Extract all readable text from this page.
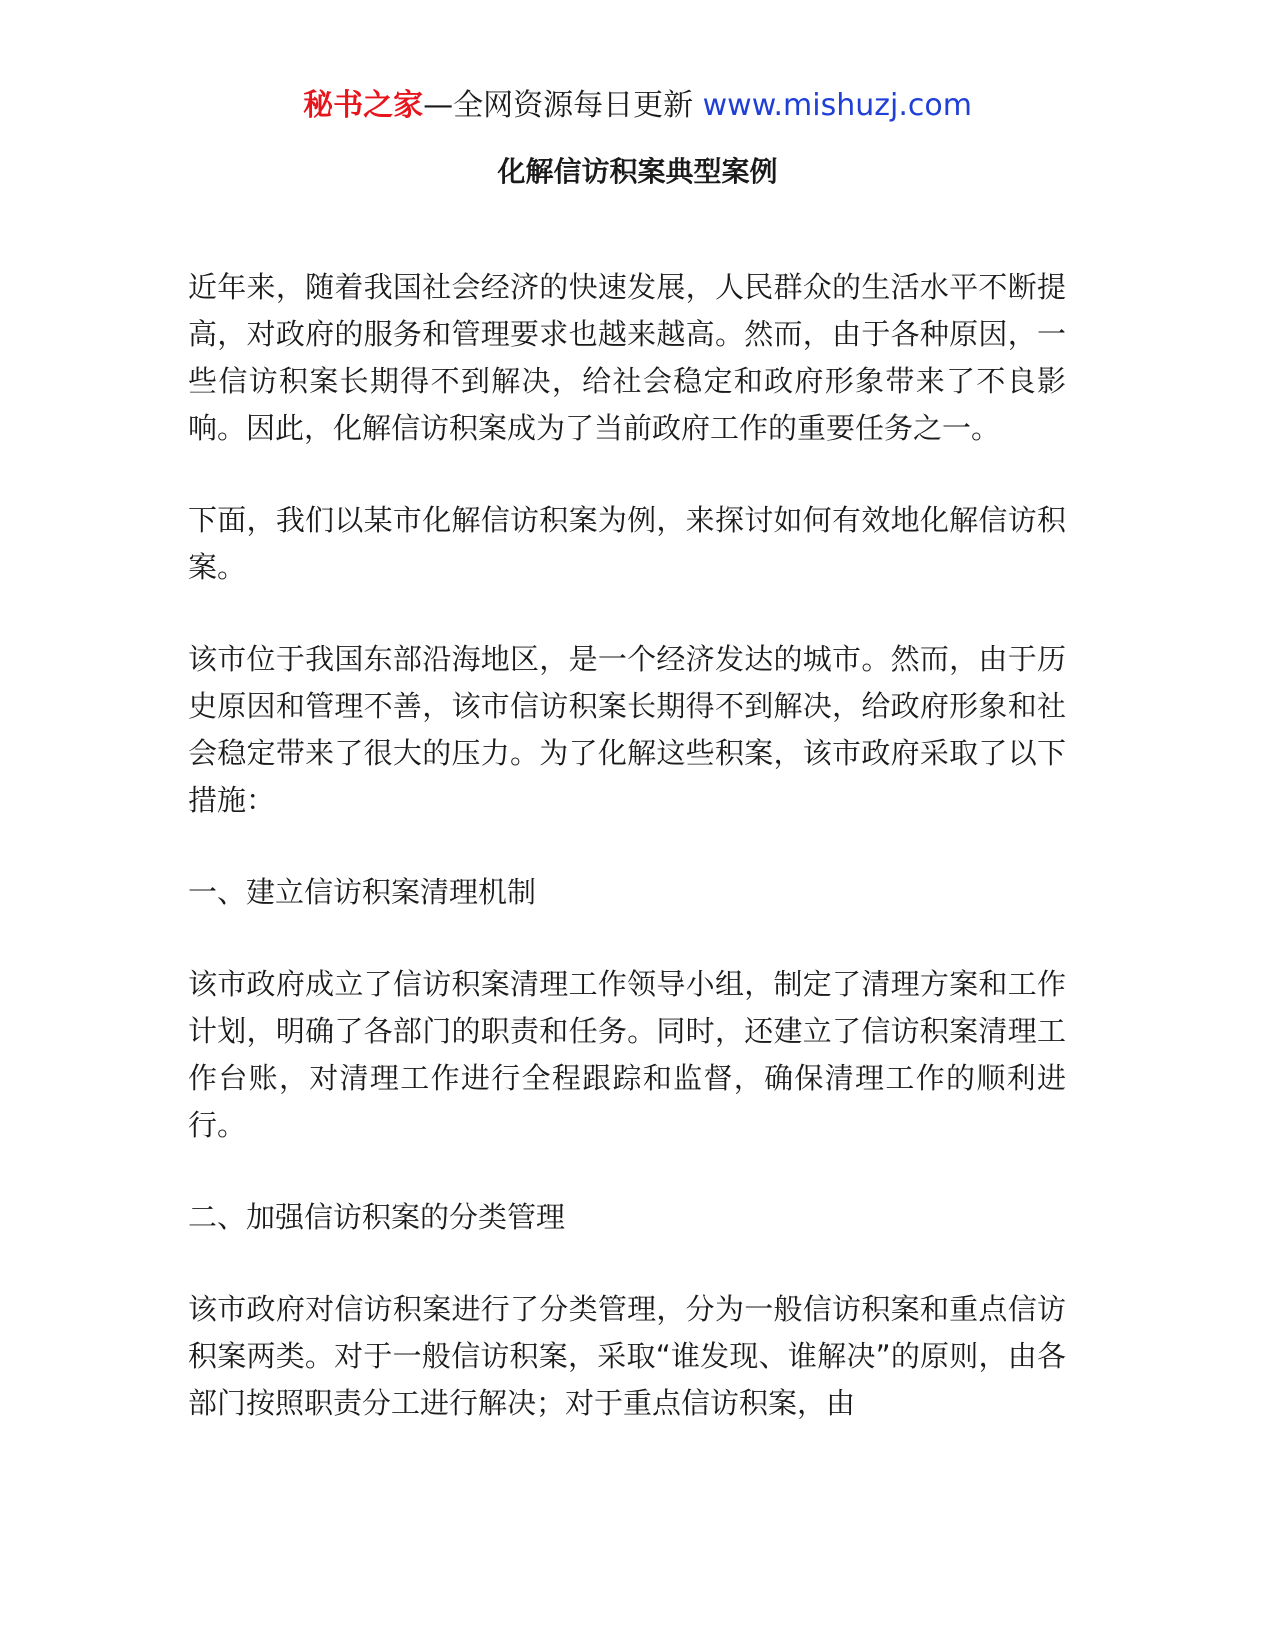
秘书之家—全网资源每日更新 www.mishuzj.com
化解信访积案典型案例

近年来，随着我国社会经济的快速发展，人民群众的生活水平不断提高，对政府的服务和管理要求也越来越高。然而，由于各种原因，一些信访积案长期得不到解决，给社会稳定和政府形象带来了不良影响。因此，化解信访积案成为了当前政府工作的重要任务之一。

下面，我们以某市化解信访积案为例，来探讨如何有效地化解信访积案。

该市位于我国东部沿海地区，是一个经济发达的城市。然而，由于历史原因和管理不善，该市信访积案长期得不到解决，给政府形象和社会稳定带来了很大的压力。为了化解这些积案，该市政府采取了以下措施：

一、建立信访积案清理机制

该市政府成立了信访积案清理工作领导小组，制定了清理方案和工作计划，明确了各部门的职责和任务。同时，还建立了信访积案清理工作台账，对清理工作进行全程跟踪和监督，确保清理工作的顺利进行。

二、加强信访积案的分类管理

该市政府对信访积案进行了分类管理，分为一般信访积案和重点信访积案两类。对于一般信访积案，采取“谁发现、谁解决”的原则，由各部门按照职责分工进行解决；对于重点信访积案，由
